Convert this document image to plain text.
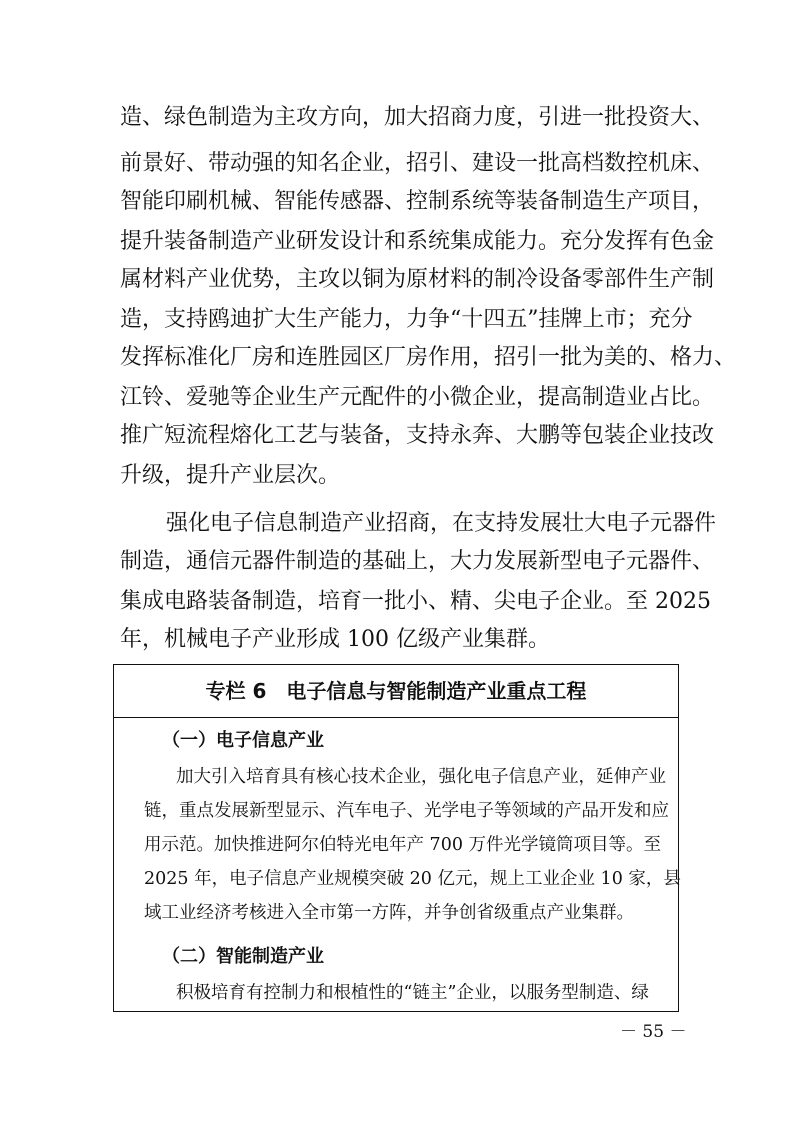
造、绿色制造为主攻方向，加大招商力度，引进一批投资大、
前景好、带动强的知名企业，招引、建设一批高档数控机床、
智能印刷机械、智能传感器、控制系统等装备制造生产项目，
提升装备制造产业研发设计和系统集成能力。充分发挥有色金
属材料产业优势，主攻以铜为原材料的制冷设备零部件生产制
造，支持鸥迪扩大生产能力，力争“十四五”挂牌上市；充分
发挥标准化厂房和连胜园区厂房作用，招引一批为美的、格力、
江铃、爱驰等企业生产元配件的小微企业，提高制造业占比。
推广短流程熔化工艺与装备，支持永奔、大鹏等包装企业技改
升级，提升产业层次。
强化电子信息制造产业招商，在支持发展壮大电子元器件
制造，通信元器件制造的基础上，大力发展新型电子元器件、
集成电路装备制造，培育一批小、精、尖电子企业。至 2025
年，机械电子产业形成 100 亿级产业集群。
专栏 6　电子信息与智能制造产业重点工程
（一）电子信息产业
加大引入培育具有核心技术企业，强化电子信息产业，延伸产业
链，重点发展新型显示、汽车电子、光学电子等领域的产品开发和应
用示范。加快推进阿尔伯特光电年产 700 万件光学镜筒项目等。至
2025 年，电子信息产业规模突破 20 亿元，规上工业企业 10 家，县
域工业经济考核进入全市第一方阵，并争创省级重点产业集群。
（二）智能制造产业
积极培育有控制力和根植性的“链主”企业，以服务型制造、绿
－ 55 －
